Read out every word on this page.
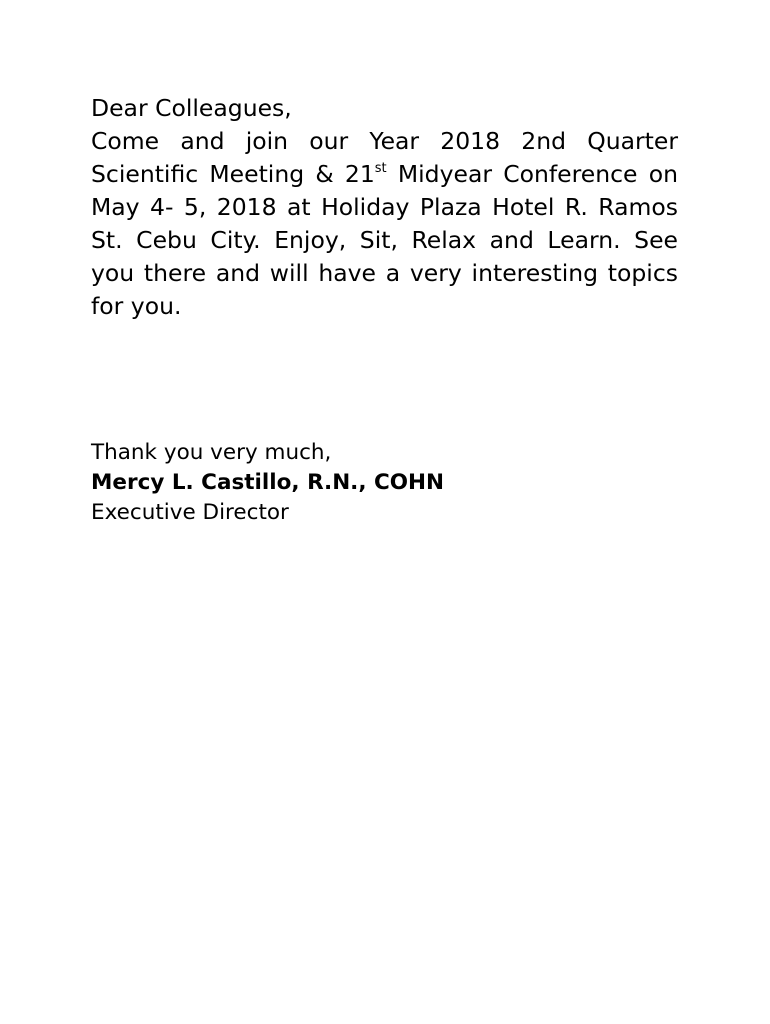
Dear Colleagues,

Come and join our Year 2018 2nd Quarter Scientific Meeting & 21st Midyear Conference on May 4- 5, 2018 at Holiday Plaza Hotel R. Ramos St. Cebu City. Enjoy, Sit, Relax and Learn. See you there and will have a very interesting topics for you.

Thank you very much,

Mercy L. Castillo, R.N., COHN

Executive Director
